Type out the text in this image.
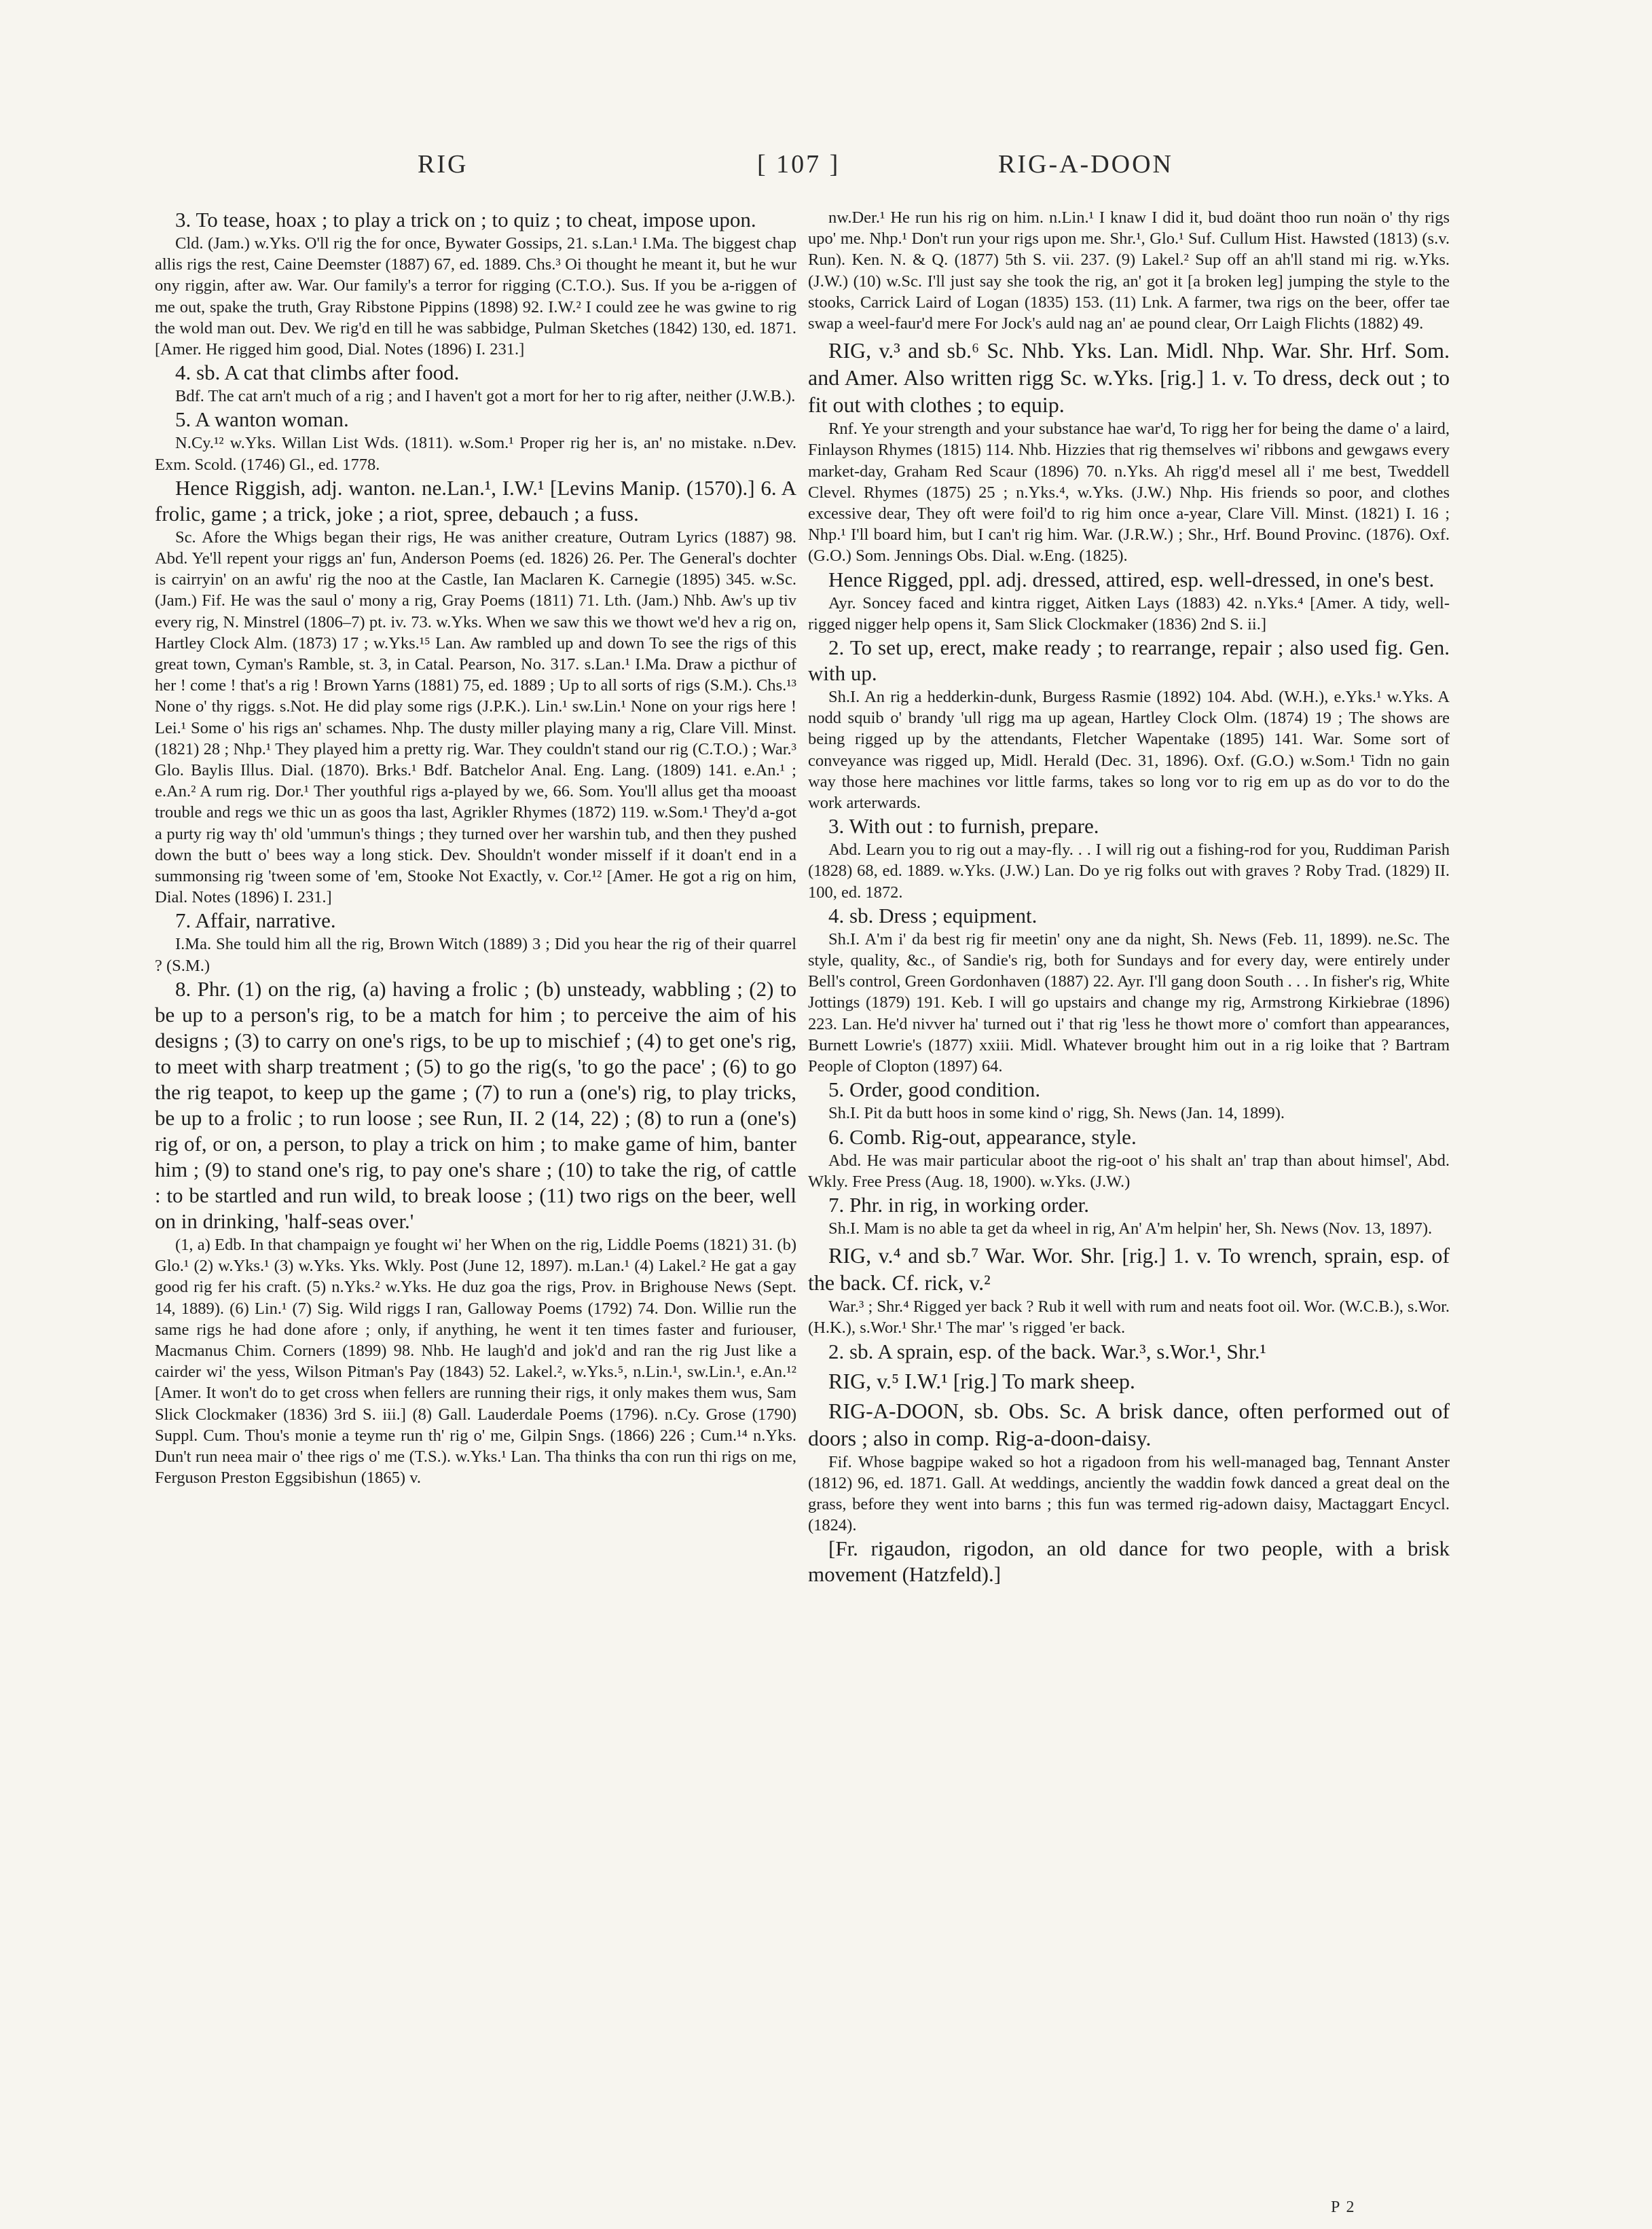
RIG	[ 107 ]	RIG-A-DOON

3. To tease, hoax ; to play a trick on ; to quiz ; to cheat, impose upon.

Cld. (Jam.) w.Yks. O'll rig the for once, Bywater Gossips, 21. s.Lan.¹ I.Ma. The biggest chap allis rigs the rest, Caine Deemster (1887) 67, ed. 1889. Chs.³ Oi thought he meant it, but he wur ony riggin, after aw. War. Our family's a terror for rigging (C.T.O.). Sus. If you be a-riggen of me out, spake the truth, Gray Ribstone Pippins (1898) 92. I.W.² I could zee he was gwine to rig the wold man out. Dev. We rig'd en till he was sabbidge, Pulman Sketches (1842) 130, ed. 1871. [Amer. He rigged him good, Dial. Notes (1896) I. 231.]

4. sb. A cat that climbs after food.

Bdf. The cat arn't much of a rig ; and I haven't got a mort for her to rig after, neither (J.W.B.).

5. A wanton woman.

N.Cy.¹² w.Yks. Willan List Wds. (1811). w.Som.¹ Proper rig her is, an' no mistake. n.Dev. Exm. Scold. (1746) Gl., ed. 1778.

Hence Riggish, adj. wanton. ne.Lan.¹, I.W.¹ [Levins Manip. (1570).] 6. A frolic, game ; a trick, joke ; a riot, spree, debauch ; a fuss.

Sc. Afore the Whigs began their rigs, He was anither creature, Outram Lyrics (1887) 98. Abd. Ye'll repent your riggs an' fun, Anderson Poems (ed. 1826) 26. Per. The General's dochter is cairryin' on an awfu' rig the noo at the Castle, Ian Maclaren K. Carnegie (1895) 345. w.Sc. (Jam.) Fif. He was the saul o' mony a rig, Gray Poems (1811) 71. Lth. (Jam.) Nhb. Aw's up tiv every rig, N. Minstrel (1806–7) pt. iv. 73. w.Yks. When we saw this we thowt we'd hev a rig on, Hartley Clock Alm. (1873) 17 ; w.Yks.¹⁵ Lan. Aw rambled up and down To see the rigs of this great town, Cyman's Ramble, st. 3, in Catal. Pearson, No. 317. s.Lan.¹ I.Ma. Draw a picthur of her ! come ! that's a rig ! Brown Yarns (1881) 75, ed. 1889 ; Up to all sorts of rigs (S.M.). Chs.¹³ None o' thy riggs. s.Not. He did play some rigs (J.P.K.). Lin.¹ sw.Lin.¹ None on your rigs here ! Lei.¹ Some o' his rigs an' schames. Nhp. The dusty miller playing many a rig, Clare Vill. Minst. (1821) 28 ; Nhp.¹ They played him a pretty rig. War. They couldn't stand our rig (C.T.O.) ; War.³ Glo. Baylis Illus. Dial. (1870). Brks.¹ Bdf. Batchelor Anal. Eng. Lang. (1809) 141. e.An.¹ ; e.An.² A rum rig. Dor.¹ Ther youthful rigs a-played by we, 66. Som. You'll allus get tha mooast trouble and regs we thic un as goos tha last, Agrikler Rhymes (1872) 119. w.Som.¹ They'd a-got a purty rig way th' old 'ummun's things ; they turned over her warshin tub, and then they pushed down the butt o' bees way a long stick. Dev. Shouldn't wonder misself if it doan't end in a summonsing rig 'tween some of 'em, Stooke Not Exactly, v. Cor.¹² [Amer. He got a rig on him, Dial. Notes (1896) I. 231.]

7. Affair, narrative.

I.Ma. She tould him all the rig, Brown Witch (1889) 3 ; Did you hear the rig of their quarrel ? (S.M.)

8. Phr. (1) on the rig, (a) having a frolic ; (b) unsteady, wabbling ; (2) to be up to a person's rig, to be a match for him ; to perceive the aim of his designs ; (3) to carry on one's rigs, to be up to mischief ; (4) to get one's rig, to meet with sharp treatment ; (5) to go the rig(s, 'to go the pace' ; (6) to go the rig teapot, to keep up the game ; (7) to run a (one's) rig, to play tricks, be up to a frolic ; to run loose ; see Run, II. 2 (14, 22) ; (8) to run a (one's) rig of, or on, a person, to play a trick on him ; to make game of him, banter him ; (9) to stand one's rig, to pay one's share ; (10) to take the rig, of cattle : to be startled and run wild, to break loose ; (11) two rigs on the beer, well on in drinking, 'half-seas over.'

(1, a) Edb. In that champaign ye fought wi' her When on the rig, Liddle Poems (1821) 31. (b) Glo.¹ (2) w.Yks.¹ (3) w.Yks. Yks. Wkly. Post (June 12, 1897). m.Lan.¹ (4) Lakel.² He gat a gay good rig fer his craft. (5) n.Yks.² w.Yks. He duz goa the rigs, Prov. in Brighouse News (Sept. 14, 1889). (6) Lin.¹ (7) Sig. Wild riggs I ran, Galloway Poems (1792) 74. Don. Willie run the same rigs he had done afore ; only, if anything, he went it ten times faster and furiouser, Macmanus Chim. Corners (1899) 98. Nhb. He laugh'd and jok'd and ran the rig Just like a cairder wi' the yess, Wilson Pitman's Pay (1843) 52. Lakel.², w.Yks.⁵, n.Lin.¹, sw.Lin.¹, e.An.¹² [Amer. It won't do to get cross when fellers are running their rigs, it only makes them wus, Sam Slick Clockmaker (1836) 3rd S. iii.] (8) Gall. Lauderdale Poems (1796). n.Cy. Grose (1790) Suppl. Cum. Thou's monie a teyme run th' rig o' me, Gilpin Sngs. (1866) 226 ; Cum.¹⁴ n.Yks. Dun't run neea mair o' thee rigs o' me (T.S.). w.Yks.¹ Lan. Tha thinks tha con run thi rigs on me, Ferguson Preston Eggsibishun (1865) v.

nw.Der.¹ He run his rig on him. n.Lin.¹ I knaw I did it, bud doänt thoo run noän o' thy rigs upo' me. Nhp.¹ Don't run your rigs upon me. Shr.¹, Glo.¹ Suf. Cullum Hist. Hawsted (1813) (s.v. Run). Ken. N. & Q. (1877) 5th S. vii. 237. (9) Lakel.² Sup off an ah'll stand mi rig. w.Yks. (J.W.) (10) w.Sc. I'll just say she took the rig, an' got it [a broken leg] jumping the style to the stooks, Carrick Laird of Logan (1835) 153. (11) Lnk. A farmer, twa rigs on the beer, offer tae swap a weel-faur'd mere For Jock's auld nag an' ae pound clear, Orr Laigh Flichts (1882) 49.

RIG, v.³ and sb.⁶ Sc. Nhb. Yks. Lan. Midl. Nhp. War. Shr. Hrf. Som. and Amer. Also written rigg Sc. w.Yks. [rig.] 1. v. To dress, deck out ; to fit out with clothes ; to equip.

Rnf. Ye your strength and your substance hae war'd, To rigg her for being the dame o' a laird, Finlayson Rhymes (1815) 114. Nhb. Hizzies that rig themselves wi' ribbons and gewgaws every market-day, Graham Red Scaur (1896) 70. n.Yks. Ah rigg'd mesel all i' me best, Tweddell Clevel. Rhymes (1875) 25 ; n.Yks.⁴, w.Yks. (J.W.) Nhp. His friends so poor, and clothes excessive dear, They oft were foil'd to rig him once a-year, Clare Vill. Minst. (1821) I. 16 ; Nhp.¹ I'll board him, but I can't rig him. War. (J.R.W.) ; Shr., Hrf. Bound Provinc. (1876). Oxf. (G.O.) Som. Jennings Obs. Dial. w.Eng. (1825).

Hence Rigged, ppl. adj. dressed, attired, esp. well-dressed, in one's best.

Ayr. Soncey faced and kintra rigget, Aitken Lays (1883) 42. n.Yks.⁴ [Amer. A tidy, well-rigged nigger help opens it, Sam Slick Clockmaker (1836) 2nd S. ii.]

2. To set up, erect, make ready ; to rearrange, repair ; also used fig. Gen. with up.

Sh.I. An rig a hedderkin-dunk, Burgess Rasmie (1892) 104. Abd. (W.H.), e.Yks.¹ w.Yks. A nodd squib o' brandy 'ull rigg ma up agean, Hartley Clock Olm. (1874) 19 ; The shows are being rigged up by the attendants, Fletcher Wapentake (1895) 141. War. Some sort of conveyance was rigged up, Midl. Herald (Dec. 31, 1896). Oxf. (G.O.) w.Som.¹ Tidn no gain way those here machines vor little farms, takes so long vor to rig em up as do vor to do the work arterwards.

3. With out : to furnish, prepare.

Abd. Learn you to rig out a may-fly. . . I will rig out a fishing-rod for you, Ruddiman Parish (1828) 68, ed. 1889. w.Yks. (J.W.) Lan. Do ye rig folks out with graves ? Roby Trad. (1829) II. 100, ed. 1872.

4. sb. Dress ; equipment.

Sh.I. A'm i' da best rig fir meetin' ony ane da night, Sh. News (Feb. 11, 1899). ne.Sc. The style, quality, &c., of Sandie's rig, both for Sundays and for every day, were entirely under Bell's control, Green Gordonhaven (1887) 22. Ayr. I'll gang doon South . . . In fisher's rig, White Jottings (1879) 191. Keb. I will go upstairs and change my rig, Armstrong Kirkiebrae (1896) 223. Lan. He'd nivver ha' turned out i' that rig 'less he thowt more o' comfort than appearances, Burnett Lowrie's (1877) xxiii. Midl. Whatever brought him out in a rig loike that ? Bartram People of Clopton (1897) 64.

5. Order, good condition.

Sh.I. Pit da butt hoos in some kind o' rigg, Sh. News (Jan. 14, 1899).

6. Comb. Rig-out, appearance, style.

Abd. He was mair particular aboot the rig-oot o' his shalt an' trap than about himsel', Abd. Wkly. Free Press (Aug. 18, 1900). w.Yks. (J.W.)

7. Phr. in rig, in working order.

Sh.I. Mam is no able ta get da wheel in rig, An' A'm helpin' her, Sh. News (Nov. 13, 1897).

RIG, v.⁴ and sb.⁷ War. Wor. Shr. [rig.] 1. v. To wrench, sprain, esp. of the back. Cf. rick, v.²

War.³ ; Shr.⁴ Rigged yer back ? Rub it well with rum and neats foot oil. Wor. (W.C.B.), s.Wor. (H.K.), s.Wor.¹ Shr.¹ The mar' 's rigged 'er back.

2. sb. A sprain, esp. of the back. War.³, s.Wor.¹, Shr.¹

RIG, v.⁵ I.W.¹ [rig.] To mark sheep.

RIG-A-DOON, sb. Obs. Sc. A brisk dance, often performed out of doors ; also in comp. Rig-a-doon-daisy.

Fif. Whose bagpipe waked so hot a rigadoon from his well-managed bag, Tennant Anster (1812) 96, ed. 1871. Gall. At weddings, anciently the waddin fowk danced a great deal on the grass, before they went into barns ; this fun was termed rig-adown daisy, Mactaggart Encycl. (1824).

[Fr. rigaudon, rigodon, an old dance for two people, with a brisk movement (Hatzfeld).]

P 2
